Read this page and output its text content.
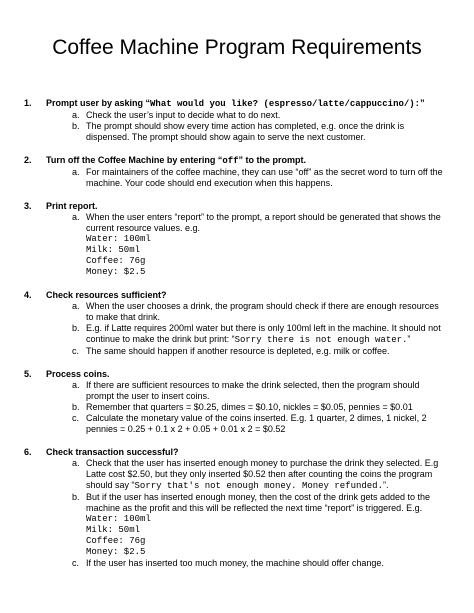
Coffee Machine Program Requirements
1. Prompt user by asking “What would you like? (espresso/latte/cappuccino/):”
a. Check the user’s input to decide what to do next.
b. The prompt should show every time action has completed, e.g. once the drink is
dispensed. The prompt should show again to serve the next customer.
2. Turn off the Coffee Machine by entering “off” to the prompt.
a. For maintainers of the coffee machine, they can use “off” as the secret word to turn off the
machine. Your code should end execution when this happens.
3. Print report.
a. When the user enters “report” to the prompt, a report should be generated that shows the
current resource values. e.g.
Water: 100ml
Milk: 50ml
Coffee: 76g
Money: $2.5
4. Check resources sufficient?
a. When the user chooses a drink, the program should check if there are enough resources
to make that drink.
b. E.g. if Latte requires 200ml water but there is only 100ml left in the machine. It should not
continue to make the drink but print: “Sorry there is not enough water.”
c. The same should happen if another resource is depleted, e.g. milk or coffee.
5. Process coins.
a. If there are sufficient resources to make the drink selected, then the program should
prompt the user to insert coins.
b. Remember that quarters = $0.25, dimes = $0.10, nickles = $0.05, pennies = $0.01
c. Calculate the monetary value of the coins inserted. E.g. 1 quarter, 2 dimes, 1 nickel, 2
pennies = 0.25 + 0.1 x 2 + 0.05 + 0.01 x 2 = $0.52
6. Check transaction successful?
a. Check that the user has inserted enough money to purchase the drink they selected. E.g
Latte cost $2.50, but they only inserted $0.52 then after counting the coins the program
should say “Sorry that's not enough money. Money refunded.”.
b. But if the user has inserted enough money, then the cost of the drink gets added to the
machine as the profit and this will be reflected the next time “report” is triggered. E.g.
Water: 100ml
Milk: 50ml
Coffee: 76g
Money: $2.5
c. If the user has inserted too much money, the machine should offer change.
